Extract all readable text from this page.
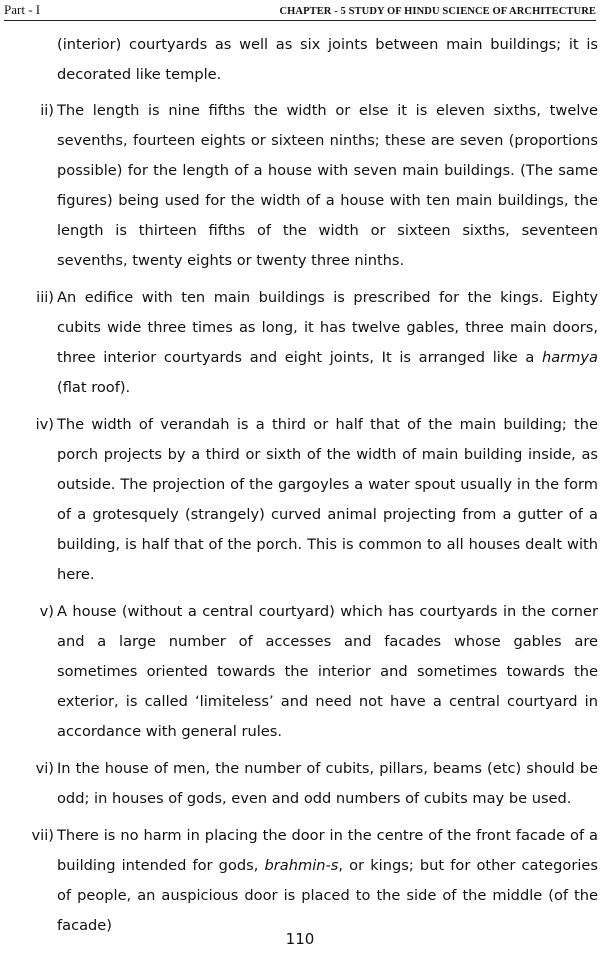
Part - I	CHAPTER - 5 STUDY OF HINDU SCIENCE OF ARCHITECTURE

(interior) courtyards as well as six joints between main buildings; it is decorated like temple.

ii) The length is nine fifths the width or else it is eleven sixths, twelve sevenths, fourteen eights or sixteen ninths; these are seven (proportions possible) for the length of a house with seven main buildings. (The same figures) being used for the width of a house with ten main buildings, the length is thirteen fifths of the width or sixteen sixths, seventeen sevenths, twenty eights or twenty three ninths.
iii) An edifice with ten main buildings is prescribed for the kings. Eighty cubits wide three times as long, it has twelve gables, three main doors, three interior courtyards and eight joints, It is arranged like a harmya (flat roof).
iv) The width of verandah is a third or half that of the main building; the porch projects by a third or sixth of the width of main building inside, as outside. The projection of the gargoyles a water spout usually in the form of a grotesquely (strangely) curved animal projecting from a gutter of a building, is half that of the porch. This is common to all houses dealt with here.
v) A house (without a central courtyard) which has courtyards in the corner and a large number of accesses and facades whose gables are sometimes oriented towards the interior and sometimes towards the exterior, is called ‘limiteless’ and need not have a central courtyard in accordance with general rules.
vi) In the house of men, the number of cubits, pillars, beams (etc) should be odd; in houses of gods, even and odd numbers of cubits may be used.
vii) There is no harm in placing the door in the centre of the front facade of a building intended for gods, brahmin-s, or kings; but for other categories of people, an auspicious door is placed to the side of the middle (of the facade)
110
